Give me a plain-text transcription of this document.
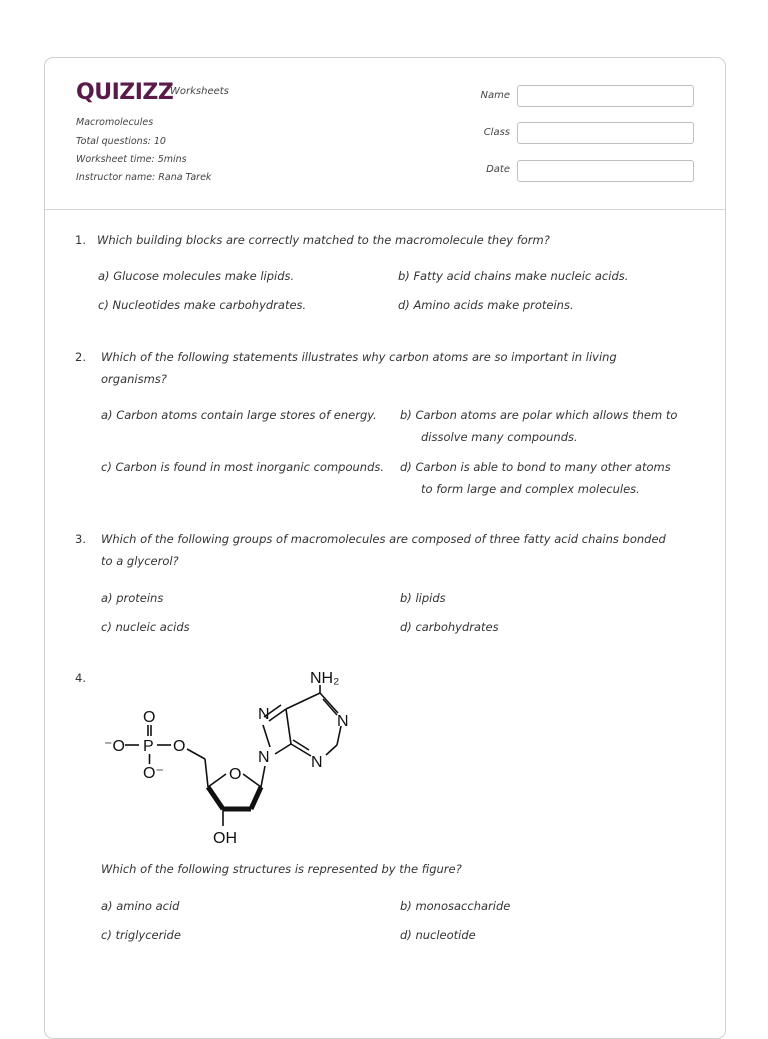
QUIZIZZ
Worksheets
Macromolecules
Total questions: 10
Worksheet time: 5mins
Instructor name: Rana Tarek
Name
Class
Date
1. Which building blocks are correctly matched to the macromolecule they form?
a) Glucose molecules make lipids.	b) Fatty acid chains make nucleic acids.
c) Nucleotides make carbohydrates.	d) Amino acids make proteins.
2. Which of the following statements illustrates why carbon atoms are so important in living
organisms?
a) Carbon atoms contain large stores of energy. b) Carbon atoms are polar which allows them to
dissolve many compounds.
c) Carbon is found in most inorganic compounds. d) Carbon is able to bond to many other atoms
to form large and complex molecules.
3. Which of the following groups of macromolecules are composed of three fatty acid chains bonded
to a glycerol?
a) proteins	b) lipids
c) nucleic acids	d) carbohydrates
4.
O
⁻O P O
O⁻	O
OH
N
N	N
N
NH₂
Which of the following structures is represented by the figure?
a) amino acid	b) monosaccharide
c) triglyceride	d) nucleotide
